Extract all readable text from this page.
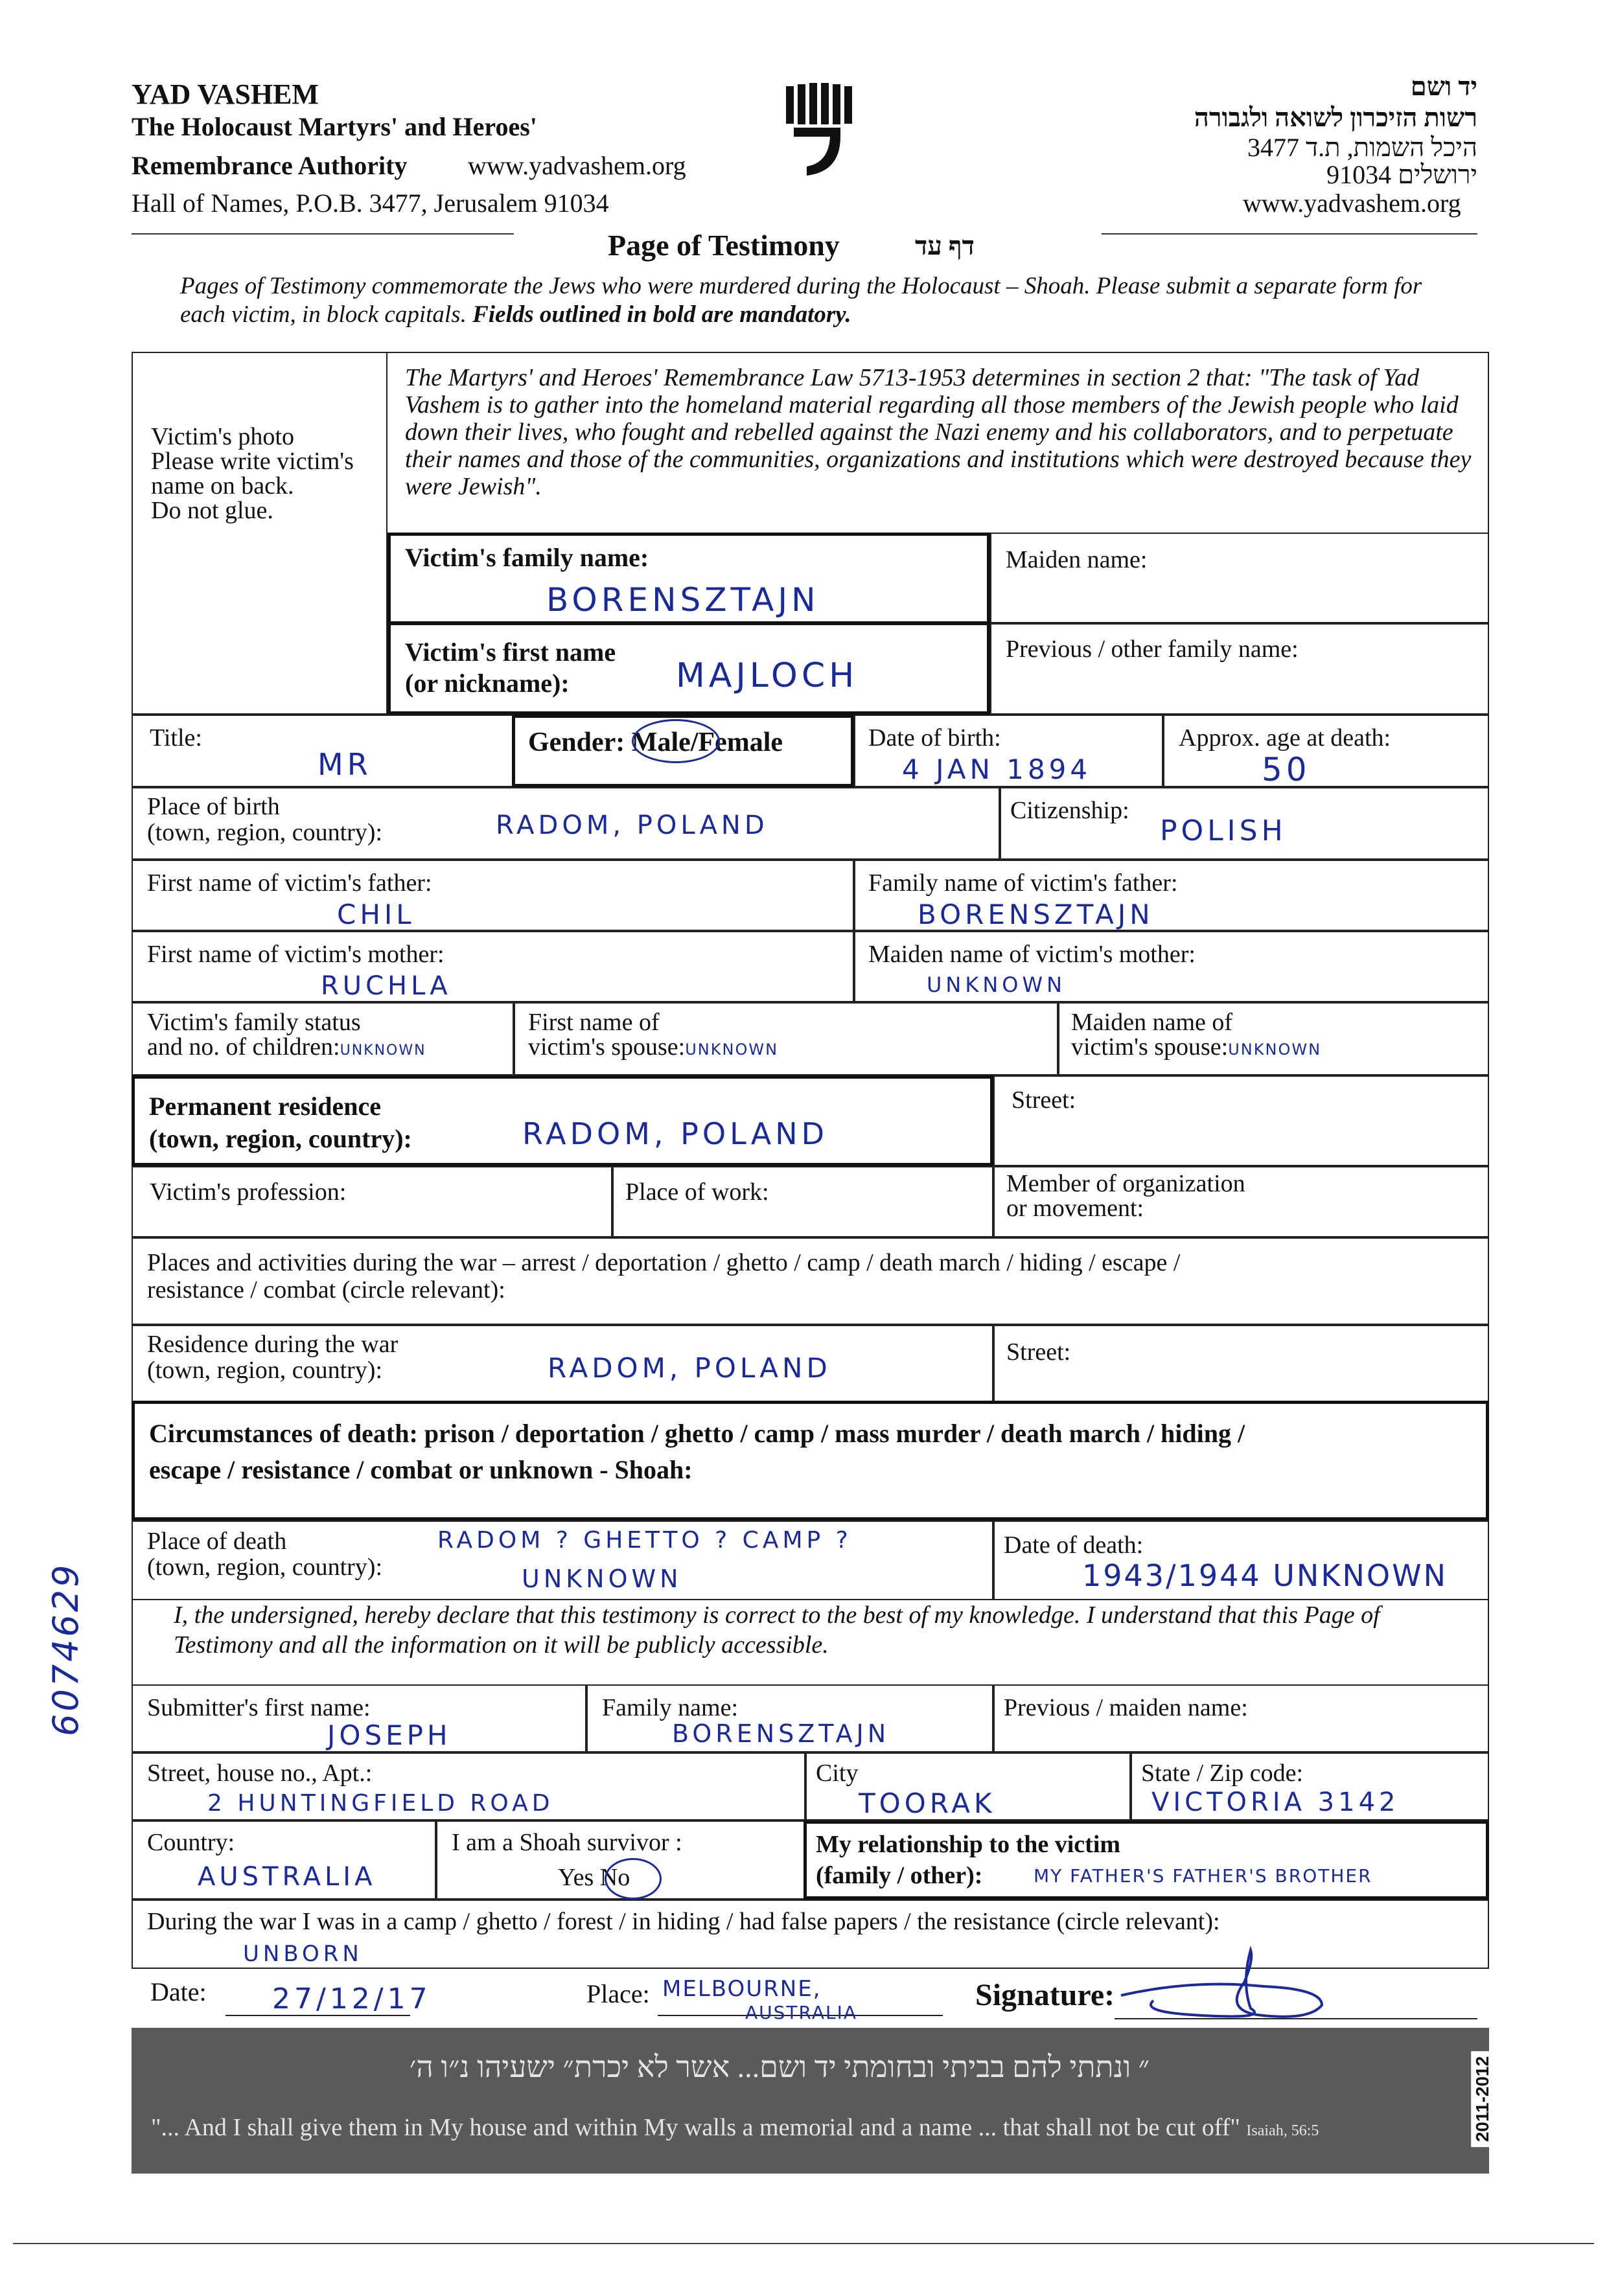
YAD VASHEM
The Holocaust Martyrs' and Heroes'
Remembrance Authority www.yadvashem.org
Hall of Names, P.O.B. 3477, Jerusalem 91034
יד ושם
רשות הזיכרון לשואה ולגבורה
היכל השמות, ת.ד 3477
ירושלים 91034
www.yadvashem.org
Page of Testimony	דף עד
Pages of Testimony commemorate the Jews who were murdered during the Holocaust – Shoah. Please submit a separate form for each victim, in block capitals. Fields outlined in bold are mandatory.
Victim's photo
Please write victim's
name on back.
Do not glue.
The Martyrs' and Heroes' Remembrance Law 5713-1953 determines in section 2 that: "The task of Yad Vashem is to gather into the homeland material regarding all those members of the Jewish people who laid down their lives, who fought and rebelled against the Nazi enemy and his collaborators, and to perpetuate their names and those of the communities, organizations and institutions which were destroyed because they were Jewish".
Victim's family name:
BORENSZTAJN
Maiden name:
Victim's first name
(or nickname):	MAJLOCH
Previous / other family name:
Title:
MR
Gender: Male/Female	Date of birth:
4 JAN 1894
Approx. age at death:
50
Place of birth
(town, region, country):	RADOM, POLAND	Citizenship:
POLISH
First name of victim's father:
CHIL
Family name of victim's father:
BORENSZTAJN
First name of victim's mother:
RUCHLA
Maiden name of victim's mother:
UNKNOWN
Victim's family status
and no. of children:UNKNOWN
First name of
victim's spouse:UNKNOWN
Maiden name of
victim's spouse:UNKNOWN
Permanent residence
(town, region, country):	RADOM, POLAND
Street:
Victim's profession:	Place of work:	Member of organization
or movement:
Places and activities during the war – arrest / deportation / ghetto / camp / death march / hiding / escape /
resistance / combat (circle relevant):
Residence during the war
(town, region, country):	RADOM, POLAND	Street:
Circumstances of death: prison / deportation / ghetto / camp / mass murder / death march / hiding /
escape / resistance / combat or unknown - Shoah:
Place of death
(town, region, country):
RADOM ? GHETTO ? CAMP ?
UNKNOWN
Date of death:
1943/1944 UNKNOWN
I, the undersigned, hereby declare that this testimony is correct to the best of my knowledge. I understand that this Page of Testimony and all the information on it will be publicly accessible.
Submitter's first name:
JOSEPH
Family name:
BORENSZTAJN
Previous / maiden name:
Street, house no., Apt.:
2 HUNTINGFIELD ROAD
City
TOORAK
State / Zip code:
VICTORIA 3142
Country:
AUSTRALIA
I am a Shoah survivor :
Yes No
My relationship to the victim
(family / other):	MY FATHER'S FATHER'S BROTHER
During the war I was in a camp / ghetto / forest / in hiding / had false papers / the resistance (circle relevant):
UNBORN
Date: 27/12/17	Place: MELBOURNE,
AUSTRALIA
Signature:
״ ונתתי להם בביתי ובחומתי יד ושם... אשר לא יכרת״ ישעיהו נ״ו ה׳
"... And I shall give them in My house and within My walls a memorial and a name ... that shall not be cut off" Isaiah, 56:5	2011-2012
6074629
